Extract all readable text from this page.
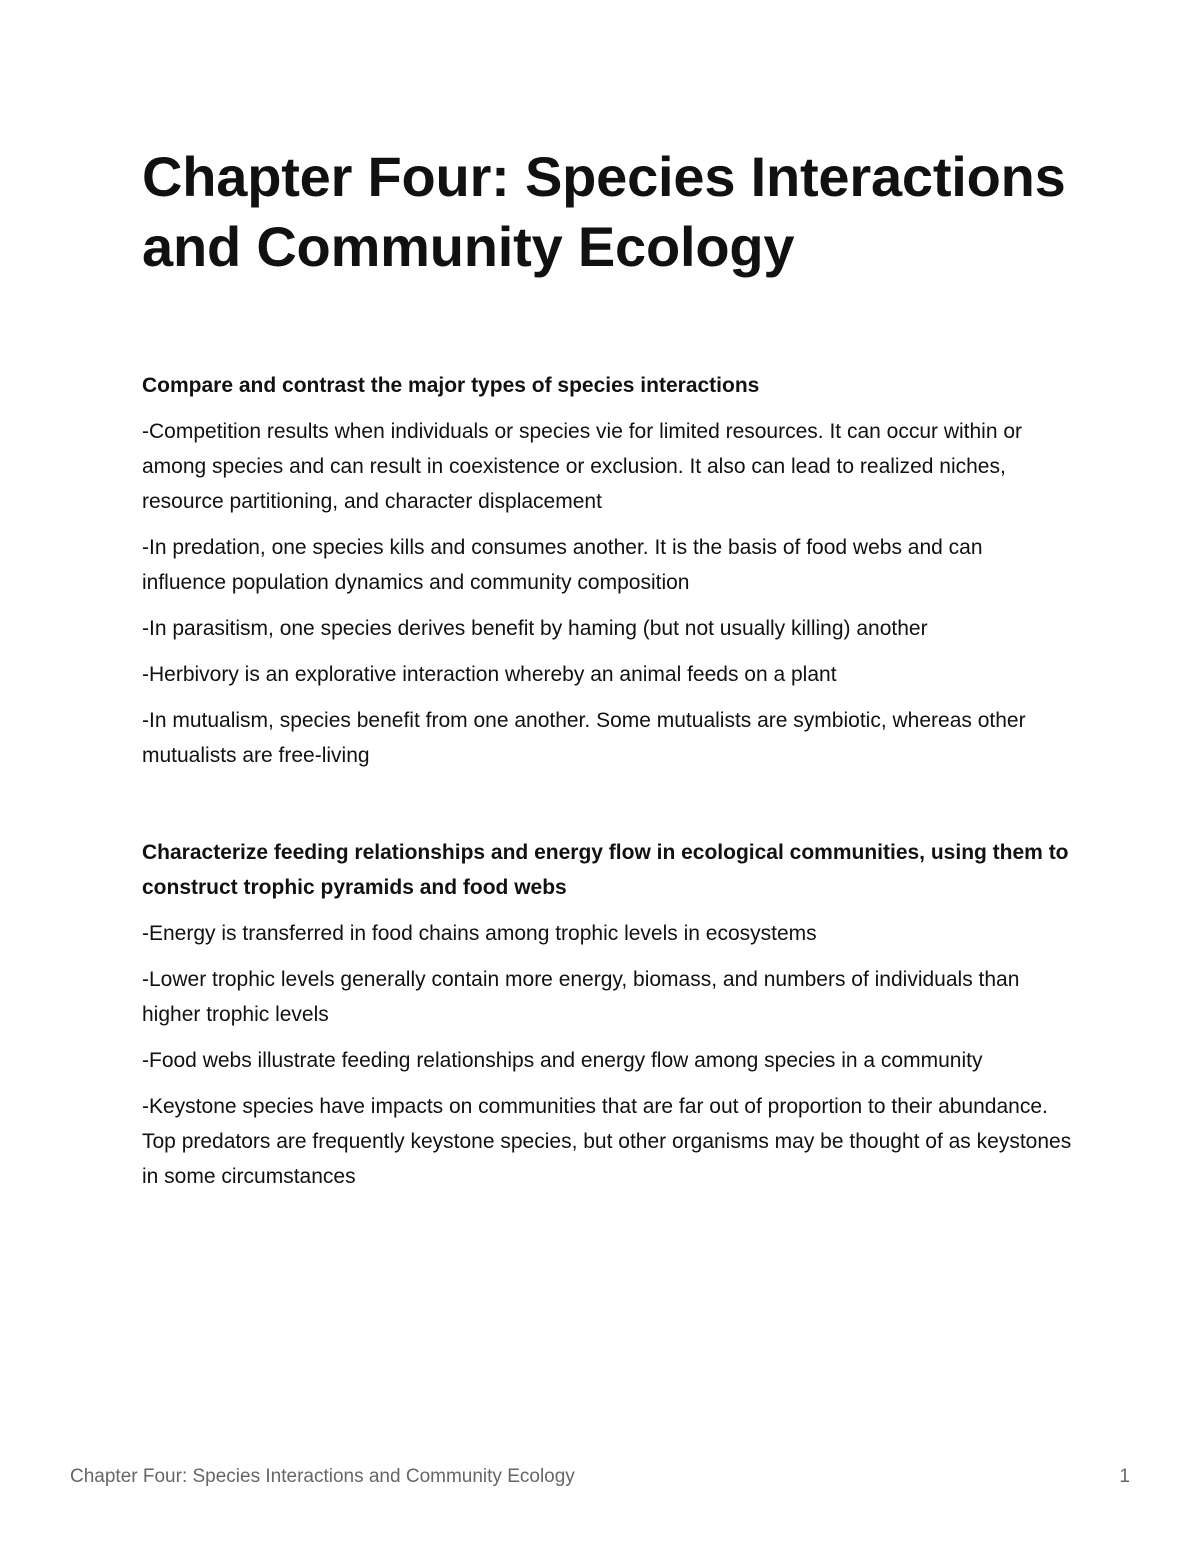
Chapter Four: Species Interactions and Community Ecology

Compare and contrast the major types of species interactions

-Competition results when individuals or species vie for limited resources. It can occur within or among species and can result in coexistence or exclusion. It also can lead to realized niches, resource partitioning, and character displacement

-In predation, one species kills and consumes another. It is the basis of food webs and can influence population dynamics and community composition

-In parasitism, one species derives benefit by haming (but not usually killing) another

-Herbivory is an explorative interaction whereby an animal feeds on a plant

-In mutualism, species benefit from one another. Some mutualists are symbiotic, whereas other mutualists are free-living

Characterize feeding relationships and energy flow in ecological communities, using them to construct trophic pyramids and food webs

-Energy is transferred in food chains among trophic levels in ecosystems

-Lower trophic levels generally contain more energy, biomass, and numbers of individuals than higher trophic levels

-Food webs illustrate feeding relationships and energy flow among species in a community

-Keystone species have impacts on communities that are far out of proportion to their abundance. Top predators are frequently keystone species, but other organisms may be thought of as keystones in some circumstances

Chapter Four: Species Interactions and Community Ecology	1
